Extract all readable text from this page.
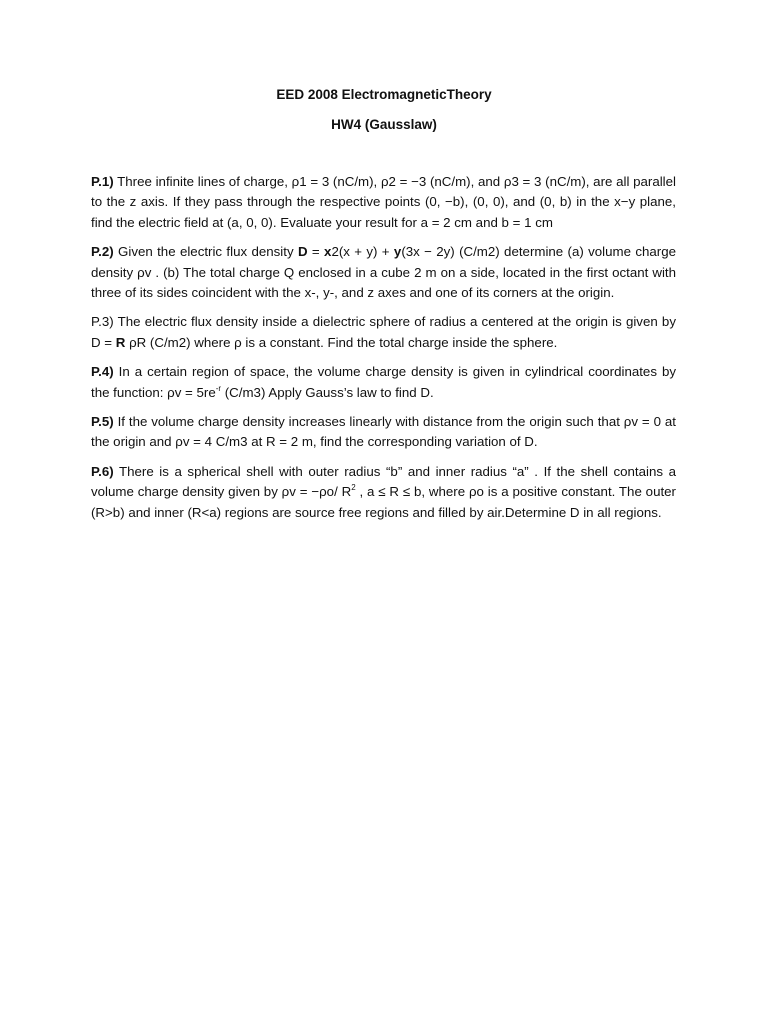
EED 2008 ElectromagneticTheory
HW4 (Gausslaw)

P.1) Three infinite lines of charge, ρ1 = 3 (nC/m), ρ2 = −3 (nC/m), and ρ3 = 3 (nC/m), are all parallel to the z axis. If they pass through the respective points (0, −b), (0, 0), and (0, b) in the x−y plane, find the electric field at (a, 0, 0). Evaluate your result for a = 2 cm and b = 1 cm

P.2) Given the electric flux density D = x2(x + y) + y(3x − 2y) (C/m2) determine (a) volume charge density ρv . (b) The total charge Q enclosed in a cube 2 m on a side, located in the first octant with three of its sides coincident with the x-, y-, and z axes and one of its corners at the origin.

P.3) The electric flux density inside a dielectric sphere of radius a centered at the origin is given by D = R ρR (C/m2) where ρ is a constant. Find the total charge inside the sphere.

P.4) In a certain region of space, the volume charge density is given in cylindrical coordinates by the function: $\rho v = 5re^{-r}$ (C/m3) Apply Gauss’s law to find D.

P.5) If the volume charge density increases linearly with distance from the origin such that ρv = 0 at the origin and ρv = 4 C/m3 at R = 2 m, find the corresponding variation of D.

P.6) There is a spherical shell with outer radius “b” and inner radius “a” . If the shell contains a volume charge density given by ρv = −ρo/ $R^2$ , a ≤ R ≤ b, where ρo is a positive constant. The outer (R>b) and inner (R<a) regions are source free regions and filled by air.Determine D in all regions.
